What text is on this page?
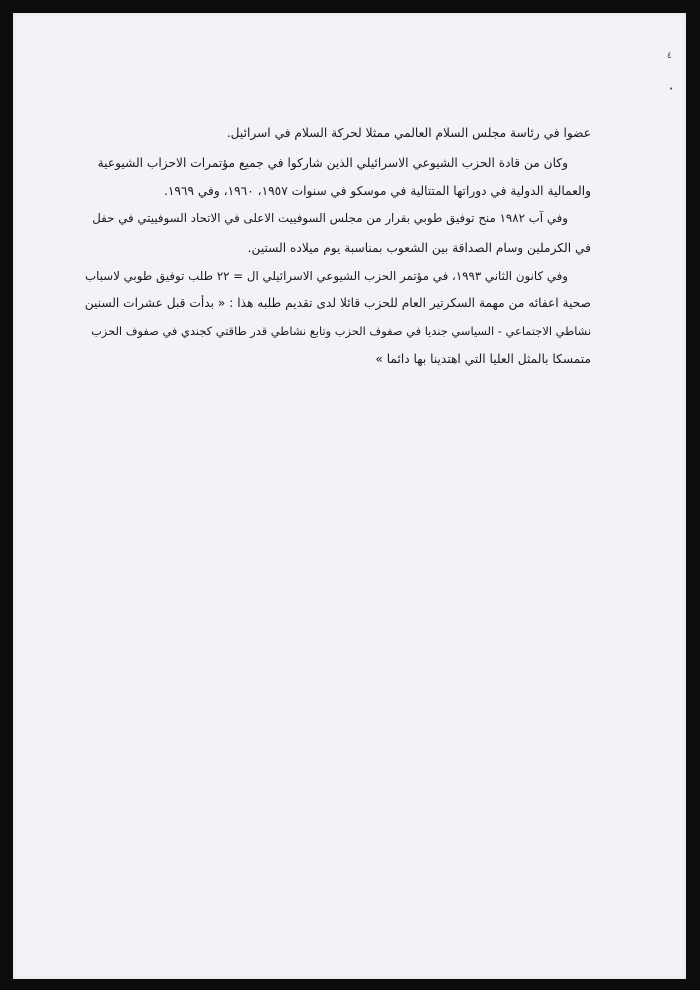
٤
•
عضوا في رئاسة مجلس السلام العالمي ممثلا لحركة السلام في اسرائيل.
وكان من قادة الحزب الشيوعي الاسرائيلي الذين شاركوا في جميع مؤتمرات الاحزاب الشيوعية
والعمالية الدولية في دوراتها المتتالية في موسكو في سنوات ١٩٥٧، ١٩٦٠، وفي ١٩٦٩.
وفي آب ١٩٨٢ منح توفيق طوبي بقرار من مجلس السوفييت الاعلى في الاتحاد السوفييتي في حفل
في الكرملين وسام الصداقة بين الشعوب بمناسبة يوم ميلاده الستين.
وفي كانون الثاني ١٩٩٣، في مؤتمر الحزب الشيوعي الاسرائيلي ال = ٢٢ طلب توفيق طوبي لاسباب
صحية اعفائه من مهمة السكرتير العام للحزب قائلا لدى تقديم طلبه هذا : « بدأت قبل عشرات السنين
نشاطي الاجتماعي - السياسي جنديا في صفوف الحزب وتابع نشاطي قدر طاقتي كجندي في صفوف الحزب
متمسكا بالمثل العليا التي اهتدينا بها دائما »
